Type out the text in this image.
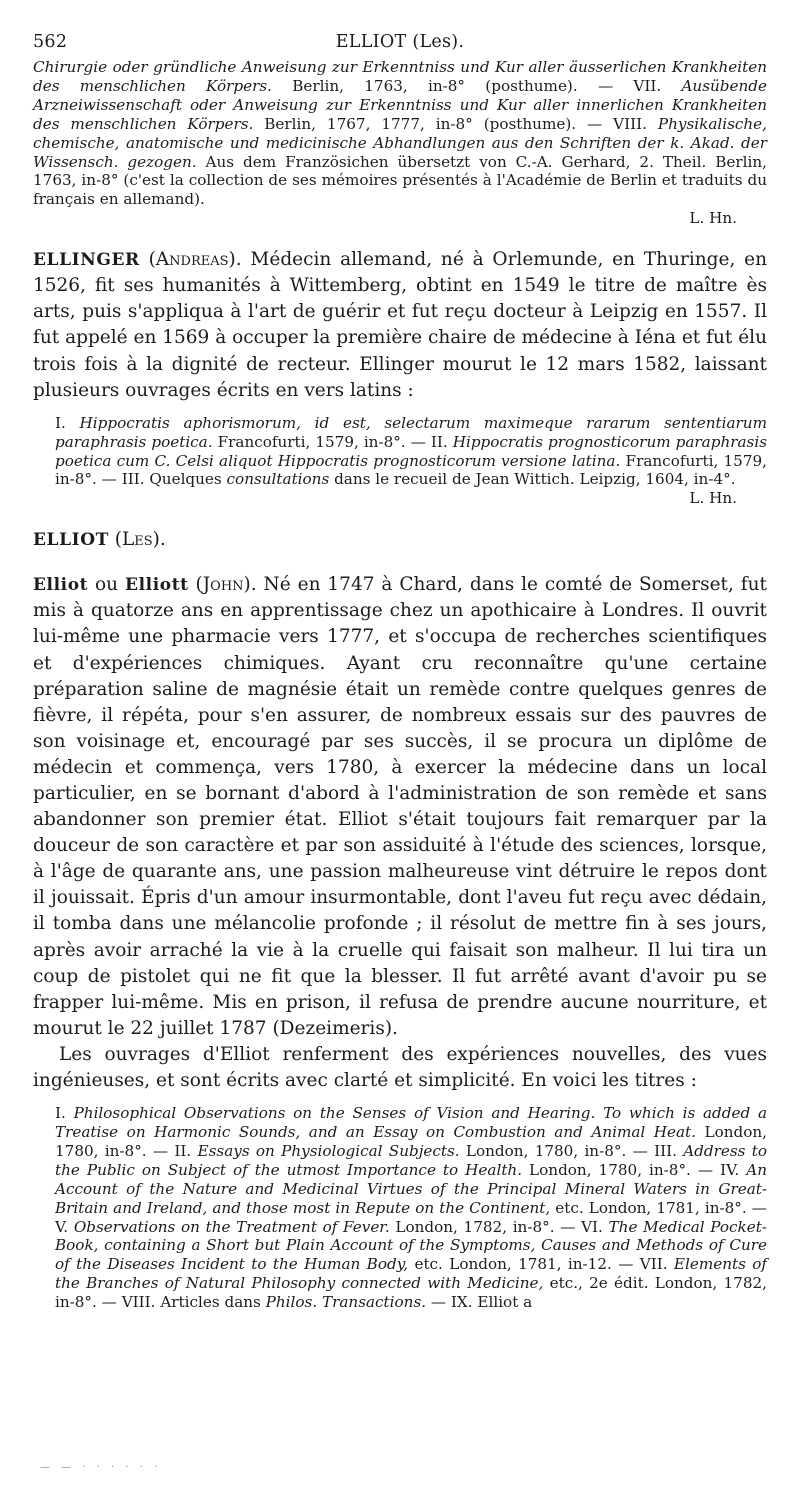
562	ELLIOT (Les).

Chirurgie oder gründliche Anweisung zur Erkenntniss und Kur aller äusserlichen Krankheiten des menschlichen Körpers. Berlin, 1763, in-8° (posthume). — VII. Ausübende Arzneiwissenschaft oder Anweisung zur Erkenntniss und Kur aller innerlichen Krankheiten des menschlichen Körpers. Berlin, 1767, 1777, in-8° (posthume). — VIII. Physikalische, chemische, anatomische und medicinische Abhandlungen aus den Schriften der k. Akad. der Wissensch. gezogen. Aus dem Französichen übersetzt von C.-A. Gerhard, 2. Theil. Berlin, 1763, in-8° (c'est la collection de ses mémoires présentés à l'Académie de Berlin et traduits du français en allemand).

L. Hn.

ELLINGER (Andreas). Médecin allemand, né à Orlemunde, en Thuringe, en 1526, fit ses humanités à Wittemberg, obtint en 1549 le titre de maître ès arts, puis s'appliqua à l'art de guérir et fut reçu docteur à Leipzig en 1557. Il fut appelé en 1569 à occuper la première chaire de médecine à Iéna et fut élu trois fois à la dignité de recteur. Ellinger mourut le 12 mars 1582, laissant plusieurs ouvrages écrits en vers latins :

I. Hippocratis aphorismorum, id est, selectarum maximeque rararum sententiarum paraphrasis poetica. Francofurti, 1579, in-8°. — II. Hippocratis prognosticorum paraphrasis poetica cum C. Celsi aliquot Hippocratis prognosticorum versione latina. Francofurti, 1579, in-8°. — III. Quelques consultations dans le recueil de Jean Wittich. Leipzig, 1604, in-4°.

L. Hn.

ELLIOT (Les).

Elliot ou Elliott (John). Né en 1747 à Chard, dans le comté de Somerset, fut mis à quatorze ans en apprentissage chez un apothicaire à Londres. Il ouvrit lui-même une pharmacie vers 1777, et s'occupa de recherches scientifiques et d'expériences chimiques. Ayant cru reconnaître qu'une certaine préparation saline de magnésie était un remède contre quelques genres de fièvre, il répéta, pour s'en assurer, de nombreux essais sur des pauvres de son voisinage et, encouragé par ses succès, il se procura un diplôme de médecin et commença, vers 1780, à exercer la médecine dans un local particulier, en se bornant d'abord à l'administration de son remède et sans abandonner son premier état. Elliot s'était toujours fait remarquer par la douceur de son caractère et par son assiduité à l'étude des sciences, lorsque, à l'âge de quarante ans, une passion malheureuse vint détruire le repos dont il jouissait. Épris d'un amour insurmontable, dont l'aveu fut reçu avec dédain, il tomba dans une mélancolie profonde ; il résolut de mettre fin à ses jours, après avoir arraché la vie à la cruelle qui faisait son malheur. Il lui tira un coup de pistolet qui ne fit que la blesser. Il fut arrêté avant d'avoir pu se frapper lui-même. Mis en prison, il refusa de prendre aucune nourriture, et mourut le 22 juillet 1787 (Dezeimeris).

Les ouvrages d'Elliot renferment des expériences nouvelles, des vues ingénieuses, et sont écrits avec clarté et simplicité. En voici les titres :

I. Philosophical Observations on the Senses of Vision and Hearing. To which is added a Treatise on Harmonic Sounds, and an Essay on Combustion and Animal Heat. London, 1780, in-8°. — II. Essays on Physiological Subjects. London, 1780, in-8°. — III. Address to the Public on Subject of the utmost Importance to Health. London, 1780, in-8°. — IV. An Account of the Nature and Medicinal Virtues of the Principal Mineral Waters in Great-Britain and Ireland, and those most in Repute on the Continent, etc. London, 1781, in-8°. — V. Observations on the Treatment of Fever. London, 1782, in-8°. — VI. The Medical Pocket-Book, containing a Short but Plain Account of the Symptoms, Causes and Methods of Cure of the Diseases Incident to the Human Body, etc. London, 1781, in-12. — VII. Elements of the Branches of Natural Philosophy connected with Medicine, etc., 2e édit. London, 1782, in-8°. — VIII. Articles dans Philos. Transactions. — IX. Elliot a

— — · · · · · ·
